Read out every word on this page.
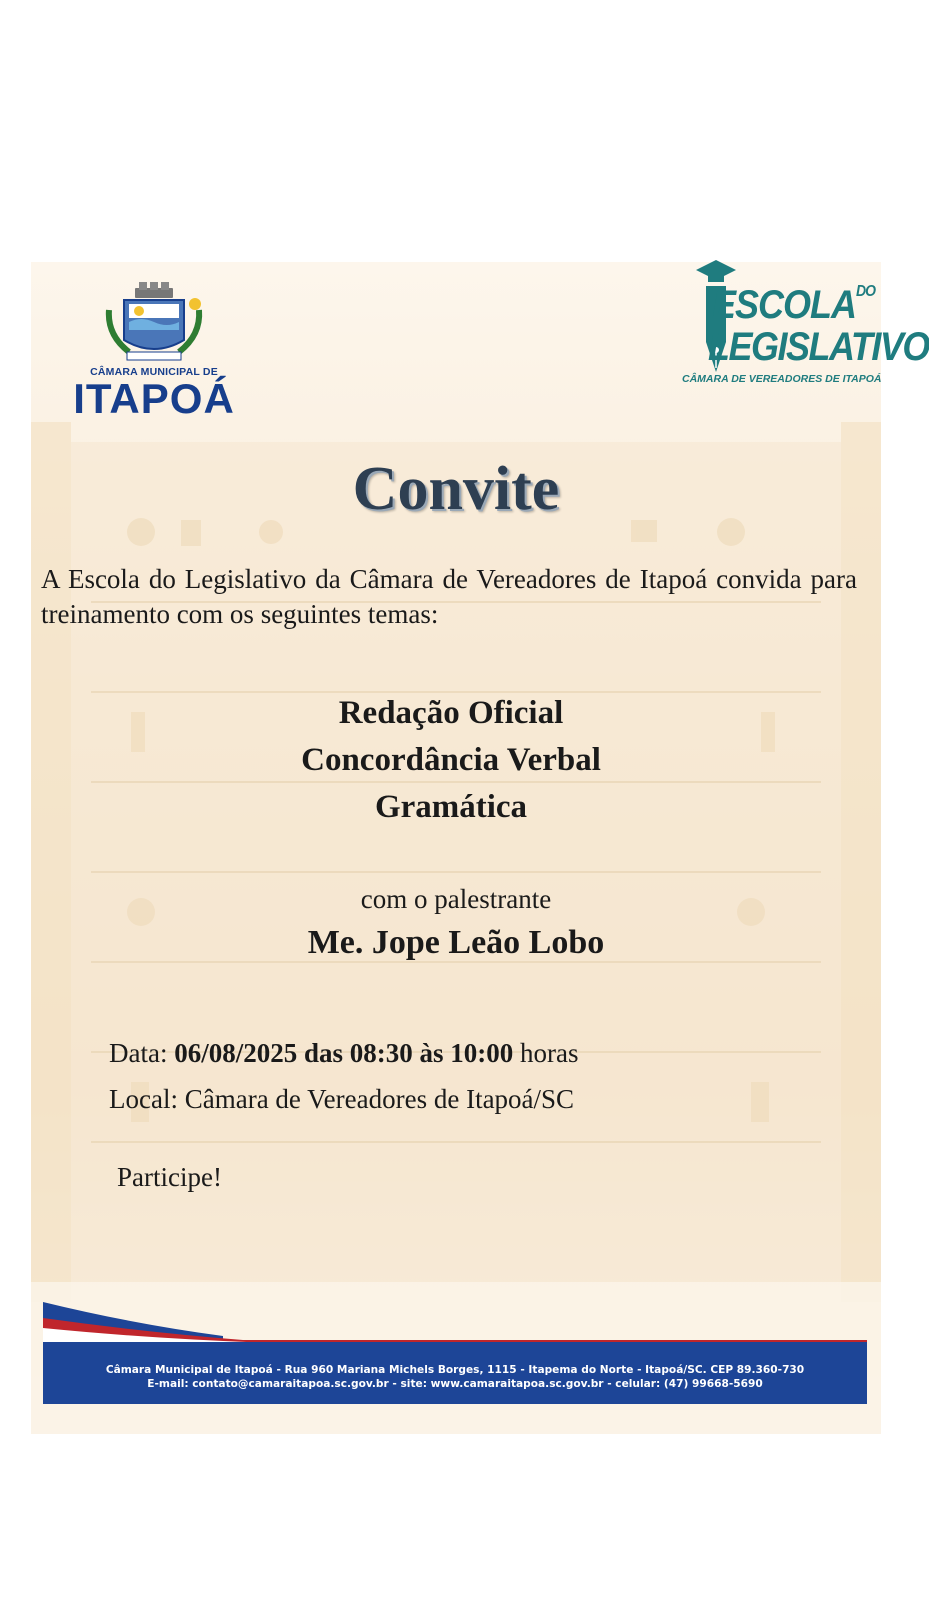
CÂMARA MUNICIPAL DE
ITAPOÁ
$ESCOLA^{DO}$
LEGISLATIVO
CÂMARA DE VEREADORES DE ITAPOÁ
Convite
A Escola do Legislativo da Câmara de Vereadores de Itapoá convida para treinamento com os seguintes temas:
Redação Oficial
Concordância Verbal
Gramática
com o palestrante
Me. Jope Leão Lobo
Data: 06/08/2025 das 08:30 às 10:00 horas
Local: Câmara de Vereadores de Itapoá/SC
Participe!
Câmara Municipal de Itapoá - Rua 960 Mariana Michels Borges, 1115 - Itapema do Norte - Itapoá/SC. CEP 89.360-730
E-mail: contato@camaraitapoa.sc.gov.br - site: www.camaraitapoa.sc.gov.br - celular: (47) 99668-5690
